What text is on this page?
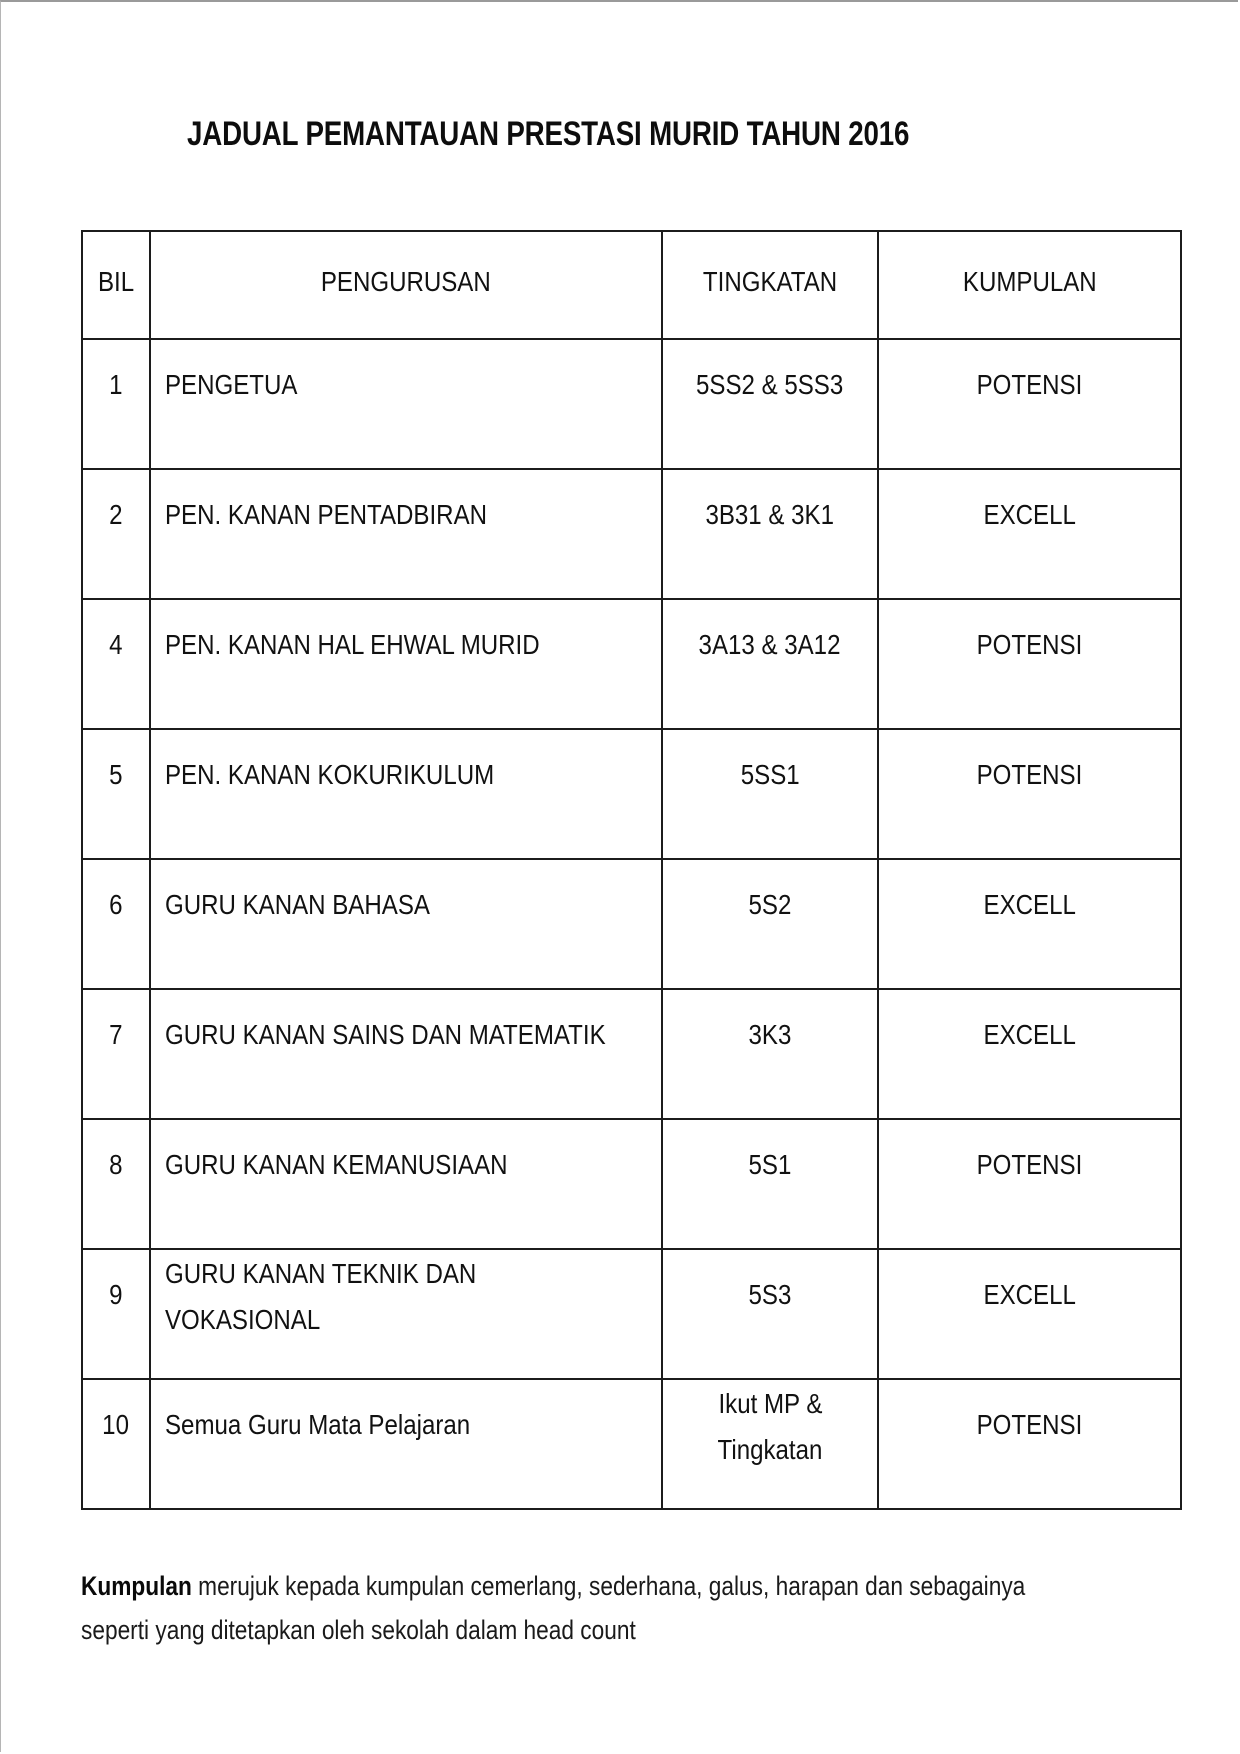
JADUAL PEMANTAUAN PRESTASI MURID TAHUN 2016
BIL	PENGURUSAN	TINGKATAN	KUMPULAN

1	PENGETUA	5SS2 & 5SS3	POTENSI

2	PEN. KANAN PENTADBIRAN	3B31 & 3K1	EXCELL

4	PEN. KANAN HAL EHWAL MURID	3A13 & 3A12	POTENSI

5	PEN. KANAN KOKURIKULUM	5SS1	POTENSI

6	GURU KANAN BAHASA	5S2	EXCELL

7	GURU KANAN SAINS DAN MATEMATIK	3K3	EXCELL

8	GURU KANAN KEMANUSIAAN	5S1	POTENSI

9	GURU KANAN TEKNIK DAN
VOKASIONAL	5S3	EXCELL

10	Semua Guru Mata Pelajaran	Ikut MP &
Tingkatan	POTENSI
Kumpulan merujuk kepada kumpulan cemerlang, sederhana, galus, harapan dan sebagainya
seperti yang ditetapkan oleh sekolah dalam head count
